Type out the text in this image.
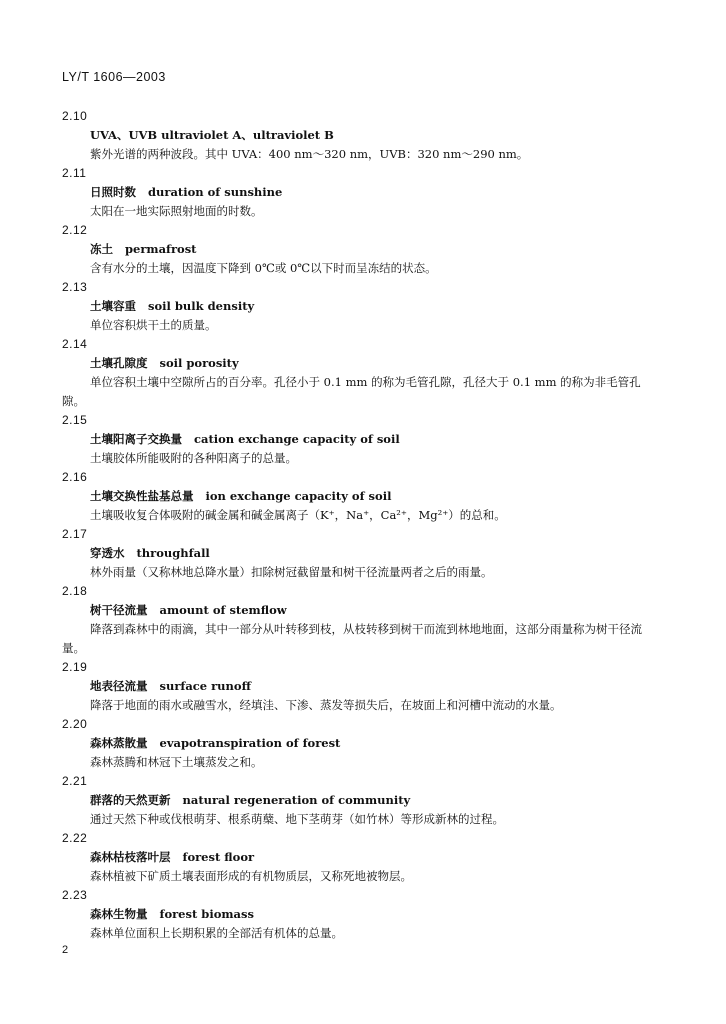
LY/T 1606—2003
2.10
UVA、UVB ultraviolet A、ultraviolet B
紫外光谱的两种波段。其中 UVA：400 nm～320 nm，UVB：320 nm～290 nm。
2.11
日照时数 duration of sunshine
太阳在一地实际照射地面的时数。
2.12
冻土 permafrost
含有水分的土壤，因温度下降到 0℃或 0℃以下时而呈冻结的状态。
2.13
土壤容重 soil bulk density
单位容积烘干土的质量。
2.14
土壤孔隙度 soil porosity
单位容积土壤中空隙所占的百分率。孔径小于 0.1 mm 的称为毛管孔隙，孔径大于 0.1 mm 的称为非毛管孔隙。
2.15
土壤阳离子交换量 cation exchange capacity of soil
土壤胶体所能吸附的各种阳离子的总量。
2.16
土壤交换性盐基总量 ion exchange capacity of soil
土壤吸收复合体吸附的碱金属和碱金属离子（K⁺，Na⁺，Ca²⁺，Mg²⁺）的总和。
2.17
穿透水 throughfall
林外雨量（又称林地总降水量）扣除树冠截留量和树干径流量两者之后的雨量。
2.18
树干径流量 amount of stemflow
降落到森林中的雨滴，其中一部分从叶转移到枝，从枝转移到树干而流到林地地面，这部分雨量称为树干径流量。
2.19
地表径流量 surface runoff
降落于地面的雨水或融雪水，经填洼、下渗、蒸发等损失后，在坡面上和河槽中流动的水量。
2.20
森林蒸散量 evapotranspiration of forest
森林蒸腾和林冠下土壤蒸发之和。
2.21
群落的天然更新 natural regeneration of community
通过天然下种或伐根萌芽、根系萌蘖、地下茎萌芽（如竹林）等形成新林的过程。
2.22
森林枯枝落叶层 forest floor
森林植被下矿质土壤表面形成的有机物质层，又称死地被物层。
2.23
森林生物量 forest biomass
森林单位面积上长期积累的全部活有机体的总量。
2
